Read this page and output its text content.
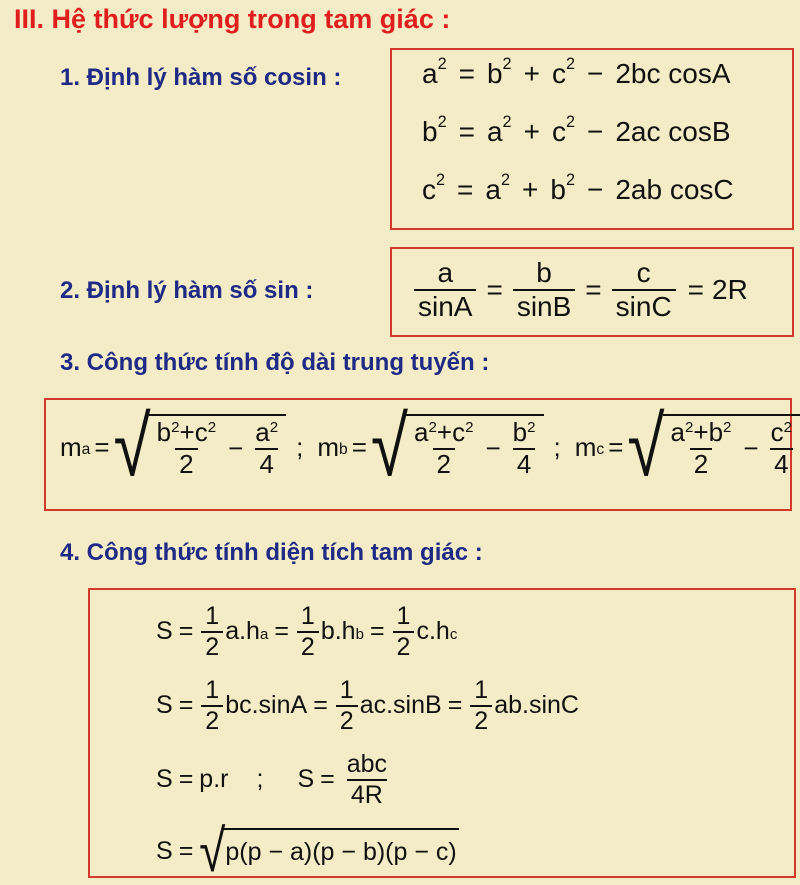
III. Hệ thức lượng trong tam giác :
1. Định lý hàm số cosin :	$a^2 = b^2 + c^2 - 2bc$
cosA
$b^2 = a^2 + c^2 - 2ac$
cosB
$c^2 = a^2 + b^2 - 2ab$
cosC
2. Định lý hàm số sin :	$\frac{a}{\sin A} = \frac{b}{\sin B} = \frac{c}{\sin C} = 2R$
3. Công thức tính độ dài trung tuyến :
$m_a$ = √ $\frac{b^2+c^2}{2} - \frac{a^2}{4}$ ; $m_b$ = √ $\frac{a^2+c^2}{2} - \frac{b^2}{4}$ ; $m_c$ = √ $\frac{a^2+b^2}{2} - \frac{c^2}{4}$
4. Công thức tính diện tích tam giác :
$S = \frac{1}{2} a.h_a = \frac{1}{2} b.h_b = \frac{1}{2} c.h_c$
$S = \frac{1}{2} bc.\sin A = \frac{1}{2} ac.\sin B = \frac{1}{2} ab.\sin C$
S = p.r ; $S = \frac{\text{abc}}{4R}$
S = √ p(p − a)(p − b)(p − c)
